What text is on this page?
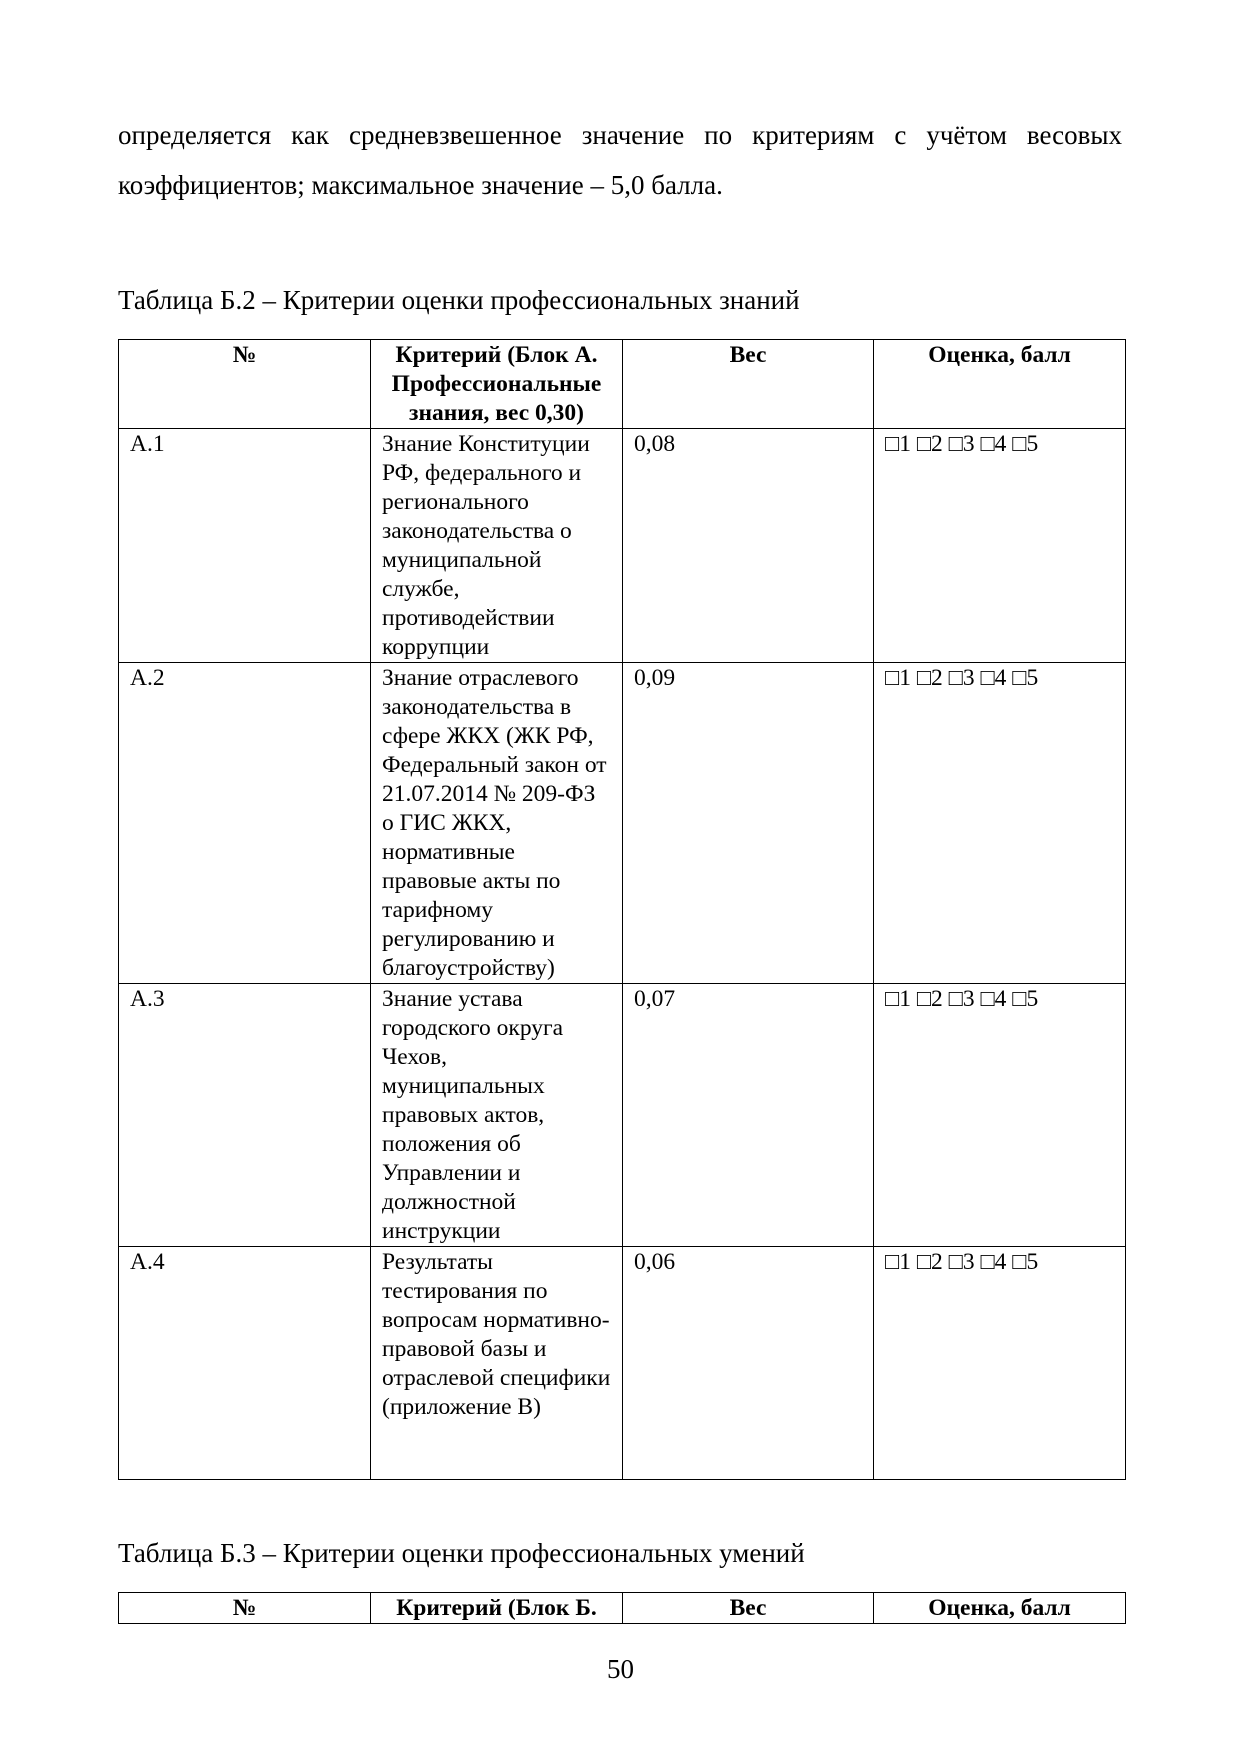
определяется как средневзвешенное значение по критериям с учётом весовых
коэффициентов; максимальное значение – 5,0 балла.
Таблица Б.2 – Критерии оценки профессиональных знаний
№	Критерий (Блок А. Профессиональные знания, вес 0,30)	Вес	Оценка, балл
А.1	Знание Конституции РФ, федерального и регионального законодательства о муниципальной службе, противодействии коррупции	0,08	□1 □2 □3 □4 □5
А.2	Знание отраслевого законодательства в сфере ЖКХ (ЖК РФ, Федеральный закон от 21.07.2014 № 209-ФЗ о ГИС ЖКХ, нормативные правовые акты по тарифному регулированию и благоустройству)	0,09	□1 □2 □3 □4 □5
А.3	Знание устава городского округа Чехов, муниципальных правовых актов, положения об Управлении и должностной инструкции	0,07	□1 □2 □3 □4 □5
А.4	Результаты тестирования по вопросам нормативно-правовой базы и отраслевой специфики (приложение В)	0,06	□1 □2 □3 □4 □5
Таблица Б.3 – Критерии оценки профессиональных умений
№	Критерий (Блок Б.	Вес	Оценка, балл
50
